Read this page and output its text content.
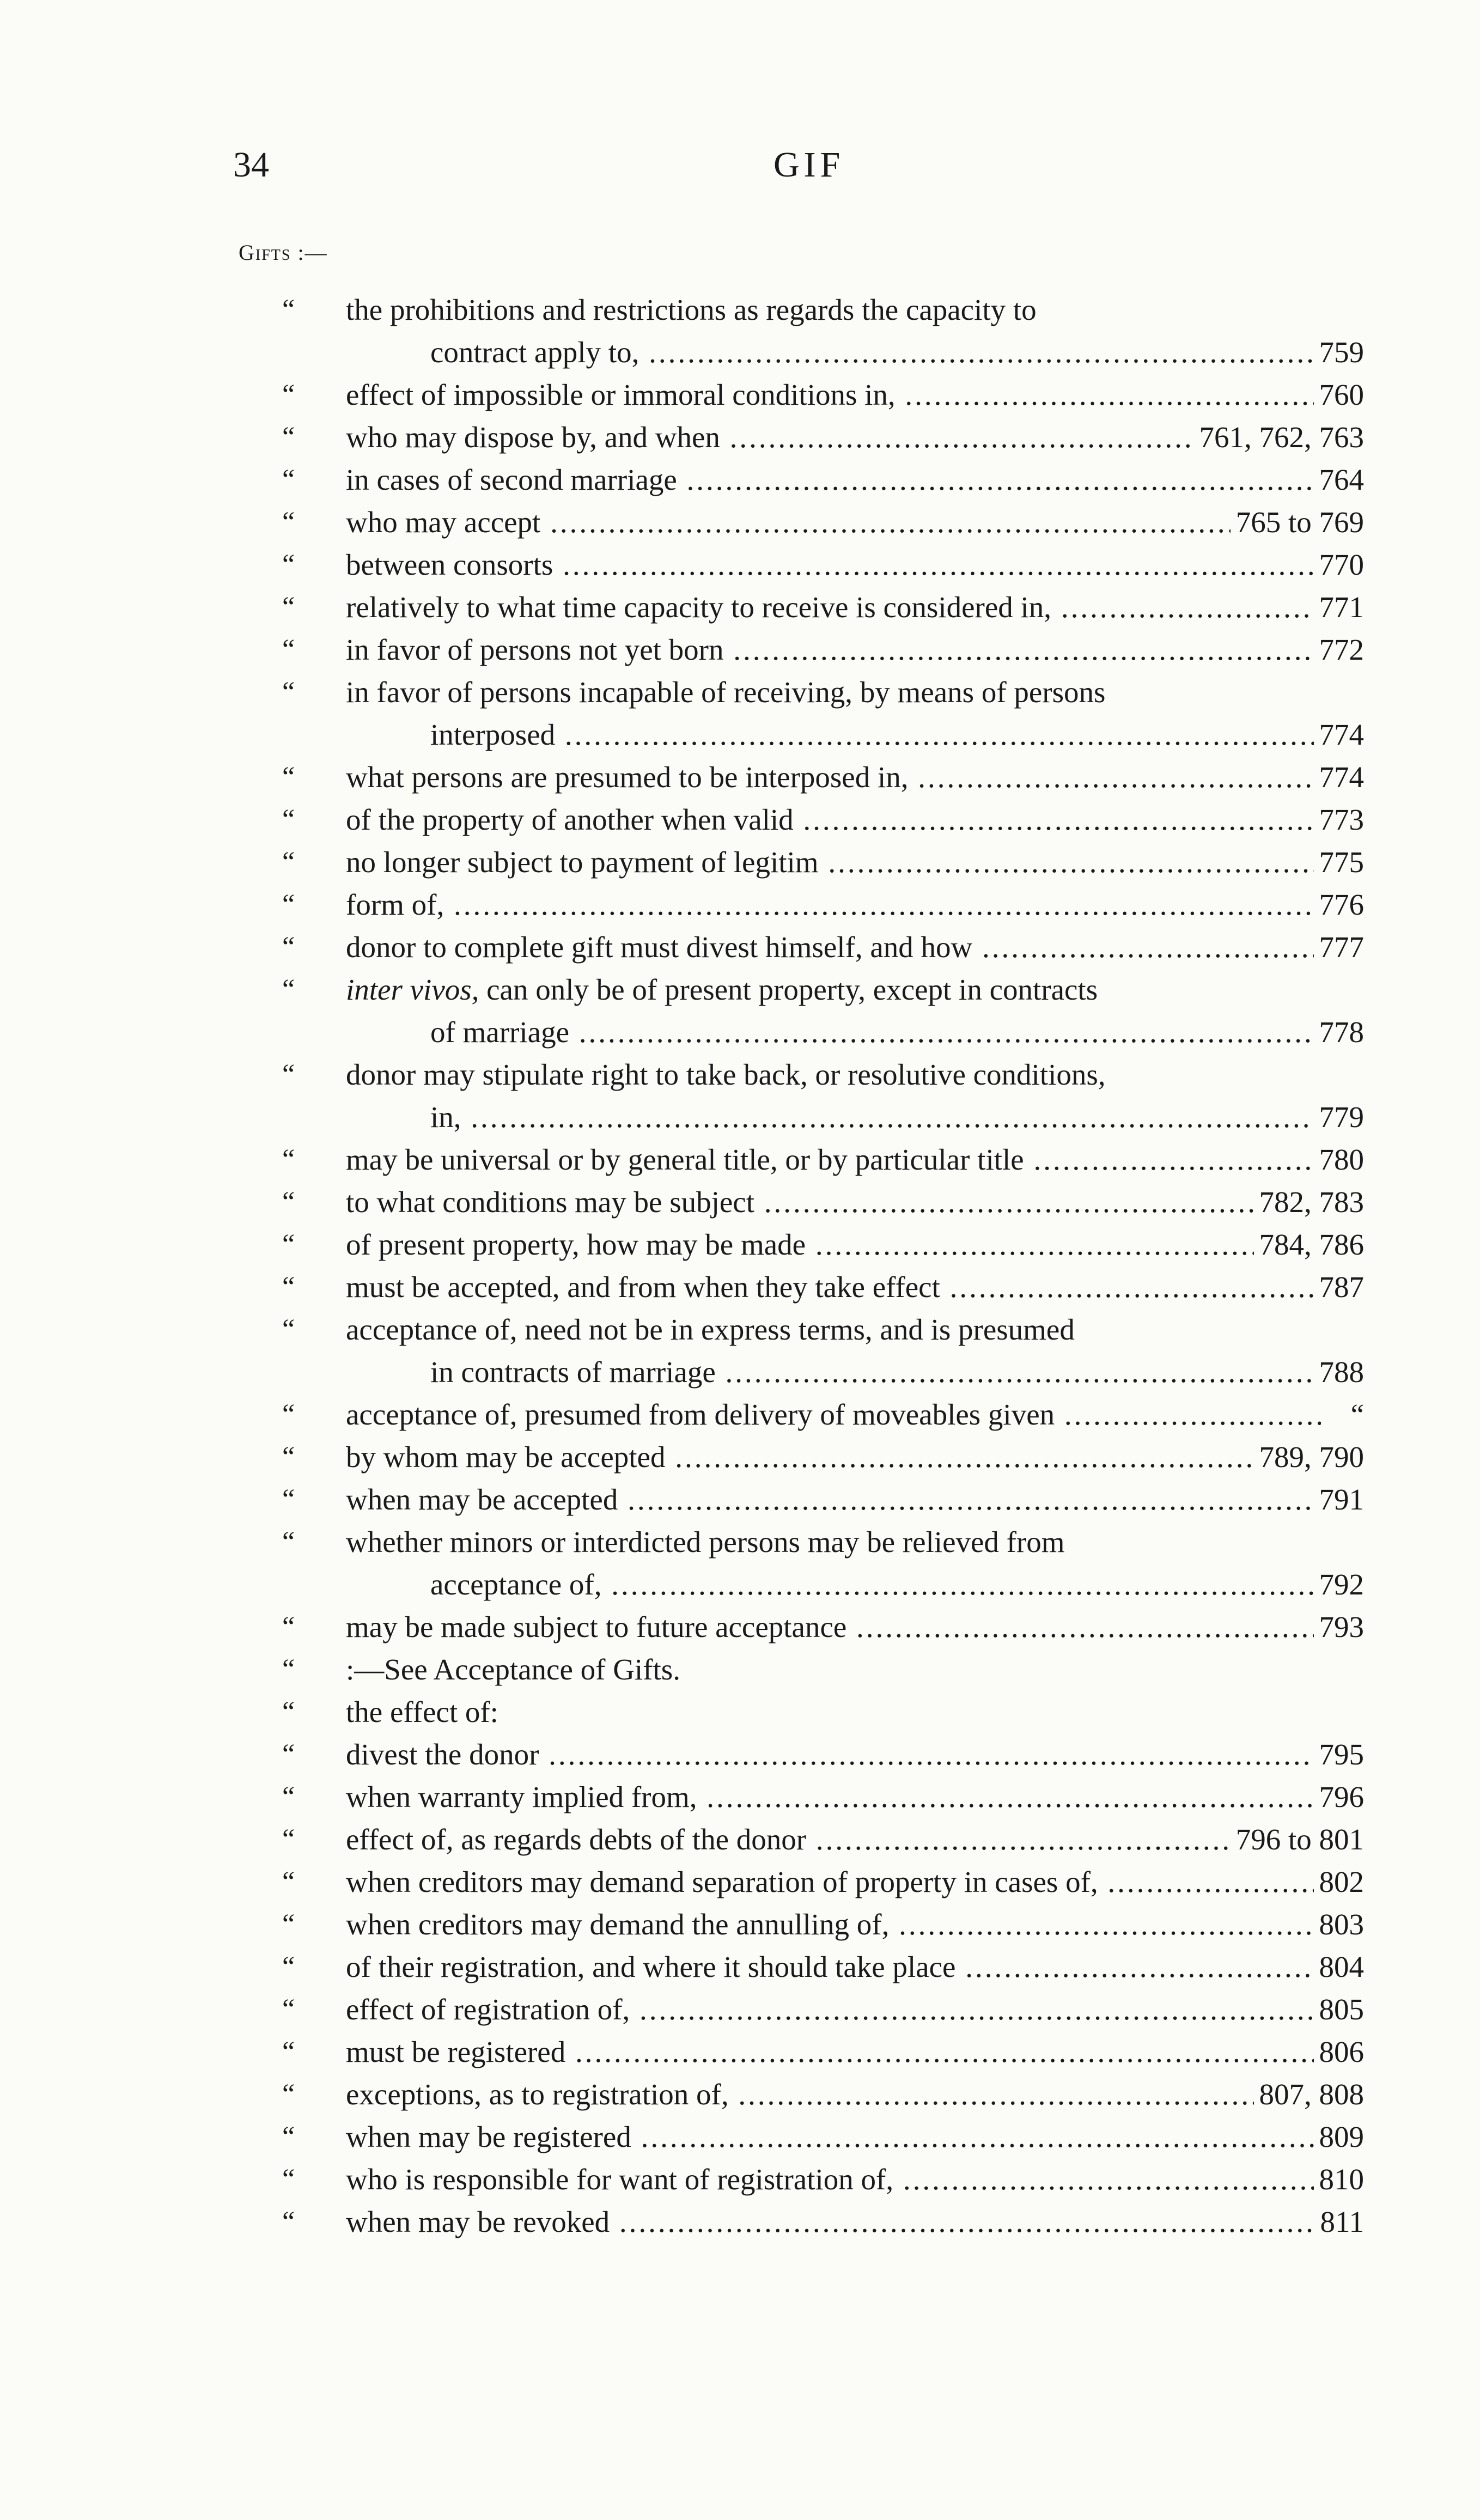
34	GIF
Gifts :—
“	the prohibitions and restrictions as regards the capacity to
contract apply to, .....	759
“	effect of impossible or immoral conditions in, .....	760
“	who may dispose by, and when .....	761, 762, 763
“	in cases of second marriage .....	764
“	who may accept .....	765 to 769
“	between consorts .....	770
“	relatively to what time capacity to receive is considered in, .....	771
“	in favor of persons not yet born .....	772
“	in favor of persons incapable of receiving, by means of persons
interposed .....	774
“	what persons are presumed to be interposed in, .....	774
“	of the property of another when valid .....	773
“	no longer subject to payment of legitim .....	775
“	form of, .....	776
“	donor to complete gift must divest himself, and how .....	777
“	inter vivos, can only be of present property, except in contracts
of marriage .....	778
“	donor may stipulate right to take back, or resolutive conditions,
in, .....	779
“	may be universal or by general title, or by particular title .....	780
“	to what conditions may be subject .....	782, 783
“	of present property, how may be made .....	784, 786
“	must be accepted, and from when they take effect .....	787
“	acceptance of, need not be in express terms, and is presumed
in contracts of marriage .....	788
“	acceptance of, presumed from delivery of moveables given .....	“
“	by whom may be accepted .....	789, 790
“	when may be accepted .....	791
“	whether minors or interdicted persons may be relieved from
acceptance of, .....	792
“	may be made subject to future acceptance .....	793
“	:—See Acceptance of Gifts.
“	the effect of:
“	divest the donor .....	795
“	when warranty implied from, .....	796
“	effect of, as regards debts of the donor .....	796 to 801
“	when creditors may demand separation of property in cases of, .....	802
“	when creditors may demand the annulling of, .....	803
“	of their registration, and where it should take place .....	804
“	effect of registration of, .....	805
“	must be registered .....	806
“	exceptions, as to registration of, .....	807, 808
“	when may be registered .....	809
“	who is responsible for want of registration of, .....	810
“	when may be revoked .....	811
